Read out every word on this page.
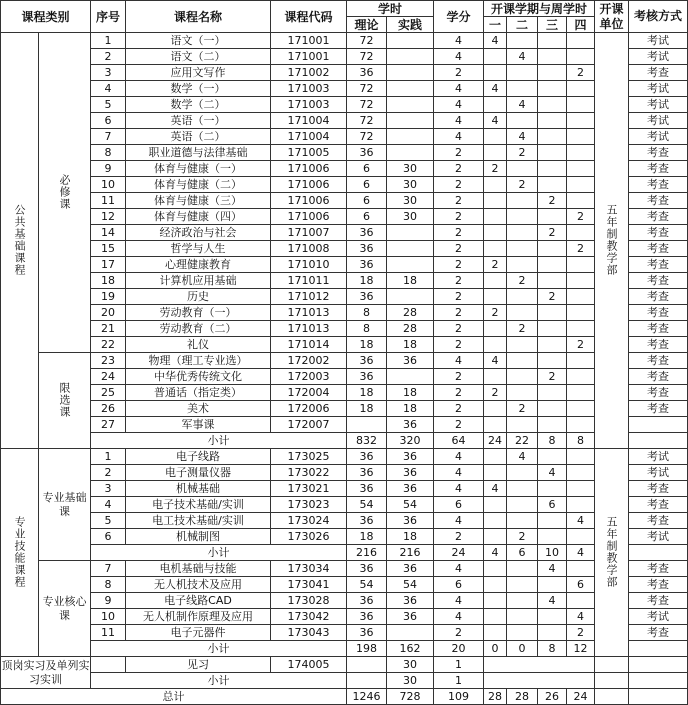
课程类别		序号	课程名称	课程代码	学时		学分	开课学期与周学时				开课单位	考核方式
					理论	实践		一	二	三	四		
公共基础课程	必修课	1	语文（一）	171001	72		4	4				五年制教学部	考试
		2	语文（二）	171001	72		4		4				考试
		3	应用文写作	171002	36		2				2		考查
		4	数学（一）	171003	72		4	4					考试
		5	数学（二）	171003	72		4		4				考试
		6	英语（一）	171004	72		4	4					考试
		7	英语（二）	171004	72		4		4				考试
		8	职业道德与法律基础	171005	36		2		2				考查
		9	体育与健康（一）	171006	6	30	2	2					考查
		10	体育与健康（二）	171006	6	30	2		2				考查
		11	体育与健康（三）	171006	6	30	2			2			考查
		12	体育与健康（四）	171006	6	30	2				2		考查
		14	经济政治与社会	171007	36		2			2			考查
		15	哲学与人生	171008	36		2				2		考查
		17	心理健康教育	171010	36		2	2					考查
		18	计算机应用基础	171011	18	18	2		2				考查
		19	历史	171012	36		2			2			考查
		20	劳动教育（一）	171013	8	28	2	2					考查
		21	劳动教育（二）	171013	8	28	2		2				考查
		22	礼仪	171014	18	18	2				2		考查
	限选课	23	物理（理工专业选）	172002	36	36	4	4					考查
		24	中华优秀传统文化	172003	36		2			2			考查
		25	普通话（指定类）	172004	18	18	2	2					考查
		26	美术	172006	18	18	2		2				考查
		27	军事课	172007		36	2						
		小计			832	320	64	24	22	8	8		
专业技能课程	专业基础课	1	电子线路	173025	36	36	4		4			五年制教学部	考试
		2	电子测量仪器	173022	36	36	4			4			考试
		3	机械基础	173021	36	36	4	4					考查
		4	电子技术基础/实训	173023	54	54	6			6			考查
		5	电工技术基础/实训	173024	36	36	4				4		考查
		6	机械制图	173026	18	18	2		2				考试
		小计			216	216	24	4	6	10	4		
	专业核心课	7	电机基础与技能	173034	36	36	4			4			考查
		8	无人机技术及应用	173041	54	54	6				6		考查
		9	电子线路CAD	173028	36	36	4			4			考查
		10	无人机制作原理及应用	173042	36	36	4				4		考试
		11	电子元器件	173043	36		2				2		考查
		小计			198	162	20	0	0	8	12		
顶岗实习及单列实习实训			见习	174005		30	1						
		小计				30	1						
总计					1246	728	109	28	28	26	24		
